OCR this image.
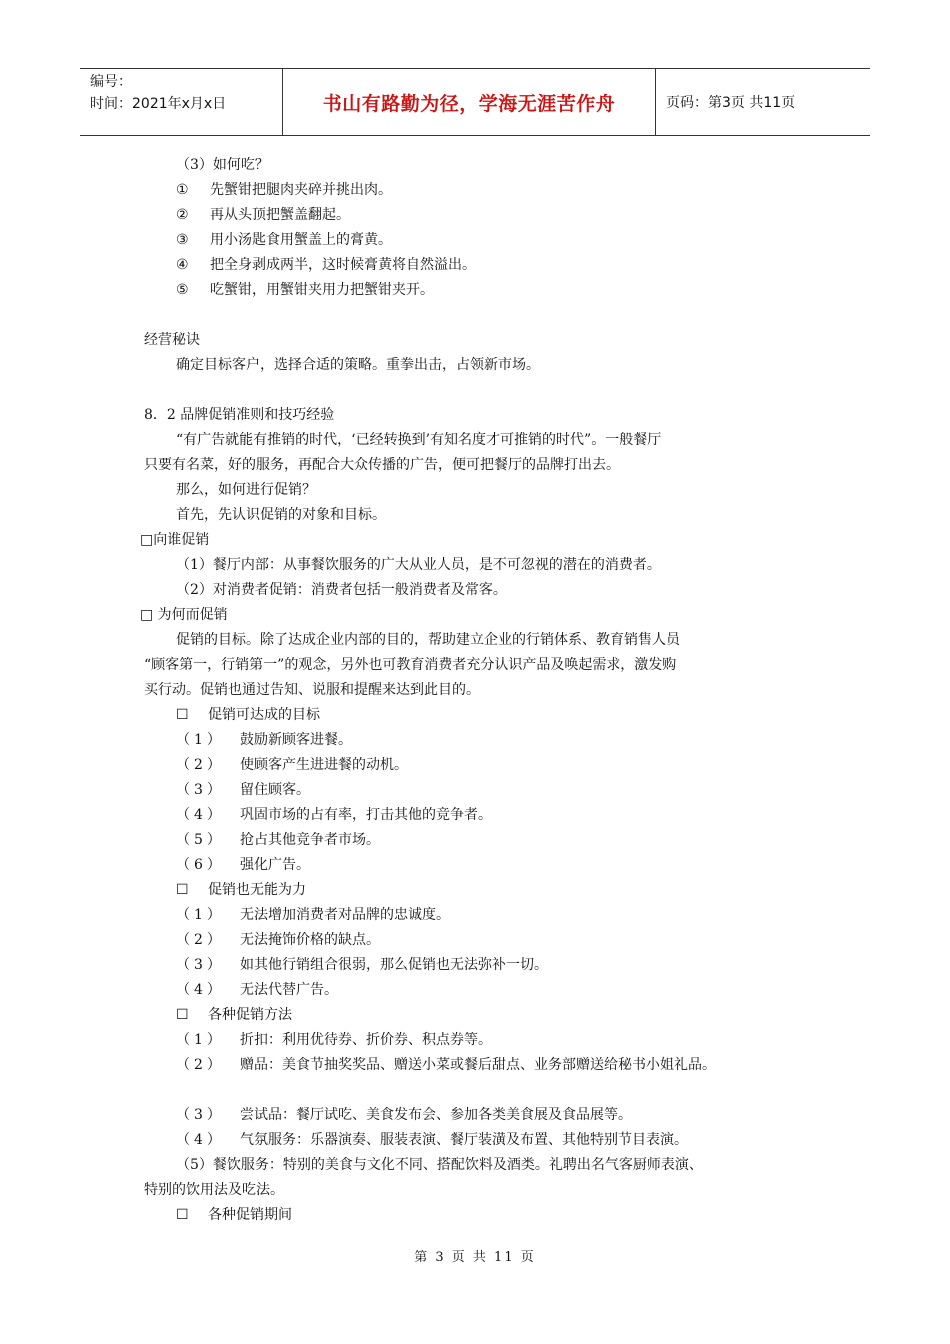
编号：
时间：2021年x月x日	书山有路勤为径，学海无涯苦作舟	页码：第3页 共11页
（3）如何吃？
① 先蟹钳把腿肉夹碎并挑出肉。
② 再从头顶把蟹盖翻起。
③ 用小汤匙食用蟹盖上的膏黄。
④ 把全身剥成两半，这时候膏黄将自然溢出。
⑤ 吃蟹钳，用蟹钳夹用力把蟹钳夹开。
经营秘诀
确定目标客户，选择合适的策略。重拳出击，占领新市场。
8．2 品牌促销准则和技巧经验
“有广告就能有推销的时代，‘已经转换到’有知名度才可推销的时代”。一般餐厅
只要有名菜，好的服务，再配合大众传播的广告，便可把餐厅的品牌打出去。
那么，如何进行促销？
首先，先认识促销的对象和目标。
□向谁促销
（1）餐厅内部：从事餐饮服务的广大从业人员，是不可忽视的潜在的消费者。
（2）对消费者促销：消费者包括一般消费者及常客。
□ 为何而促销
促销的目标。除了达成企业内部的目的，帮助建立企业的行销体系、教育销售人员
“顾客第一，行销第一”的观念，另外也可教育消费者充分认识产品及唤起需求，激发购
买行动。促销也通过告知、说服和提醒来达到此目的。
☐ 促销可达成的目标
（1） 鼓励新顾客进餐。
（2） 使顾客产生进进餐的动机。
（3） 留住顾客。
（4） 巩固市场的占有率，打击其他的竞争者。
（5） 抢占其他竞争者市场。
（6） 强化广告。
☐ 促销也无能为力
（1） 无法增加消费者对品牌的忠诚度。
（2） 无法掩饰价格的缺点。
（3） 如其他行销组合很弱，那么促销也无法弥补一切。
（4） 无法代替广告。
☐ 各种促销方法
（1） 折扣：利用优待券、折价券、积点券等。
（2） 赠品：美食节抽奖奖品、赠送小菜或餐后甜点、业务部赠送给秘书小姐礼品。
（3） 尝试品：餐厅试吃、美食发布会、参加各类美食展及食品展等。
（4） 气氛服务：乐器演奏、服装表演、餐厅装潢及布置、其他特别节目表演。
（5）餐饮服务：特别的美食与文化不同、搭配饮料及酒类。礼聘出名气客厨师表演、
特别的饮用法及吃法。
☐ 各种促销期间
第 3 页 共 11 页
